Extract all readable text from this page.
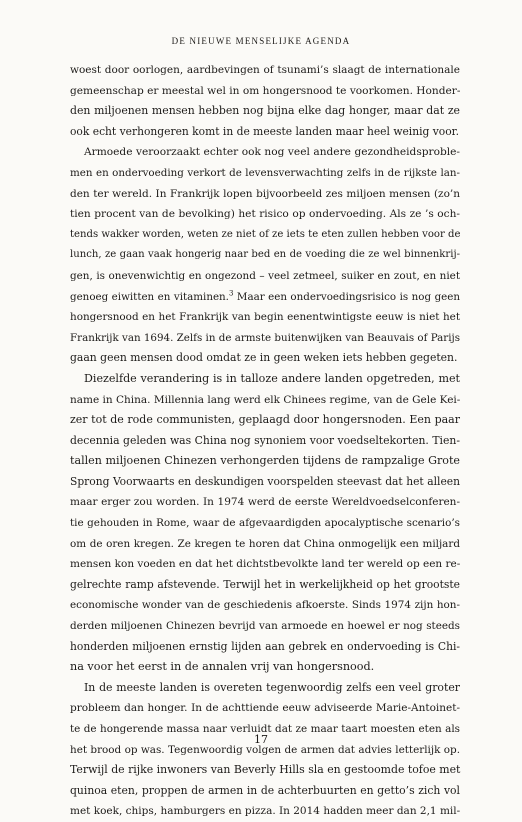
DE NIEUWE MENSELIJKE AGENDA
woest door oorlogen, aardbevingen of tsunami’s slaagt de internationale
gemeenschap er meestal wel in om hongersnood te voorkomen. Honder-
den miljoenen mensen hebben nog bijna elke dag honger, maar dat ze
ook echt verhongeren komt in de meeste landen maar heel weinig voor.
Armoede veroorzaakt echter ook nog veel andere gezondheidsproble-
men en ondervoeding verkort de levensverwachting zelfs in de rijkste lan-
den ter wereld. In Frankrijk lopen bijvoorbeeld zes miljoen mensen (zo’n
tien procent van de bevolking) het risico op ondervoeding. Als ze ’s och-
tends wakker worden, weten ze niet of ze iets te eten zullen hebben voor de
lunch, ze gaan vaak hongerig naar bed en de voeding die ze wel binnenkrij-
gen, is onevenwichtig en ongezond – veel zetmeel, suiker en zout, en niet
genoeg eiwitten en vitaminen.$^3$ Maar een ondervoedingsrisico is nog geen
hongersnood en het Frankrijk van begin eenentwintigste eeuw is niet het
Frankrijk van 1694. Zelfs in de armste buitenwijken van Beauvais of Parijs
gaan geen mensen dood omdat ze in geen weken iets hebben gegeten.
Diezelfde verandering is in talloze andere landen opgetreden, met
name in China. Millennia lang werd elk Chinees regime, van de Gele Kei-
zer tot de rode communisten, geplaagd door hongersnoden. Een paar
decennia geleden was China nog synoniem voor voedseltekorten. Tien-
tallen miljoenen Chinezen verhongerden tijdens de rampzalige Grote
Sprong Voorwaarts en deskundigen voorspelden steevast dat het alleen
maar erger zou worden. In 1974 werd de eerste Wereldvoedselconferen-
tie gehouden in Rome, waar de afgevaardigden apocalyptische scenario’s
om de oren kregen. Ze kregen te horen dat China onmogelijk een miljard
mensen kon voeden en dat het dichtstbevolkte land ter wereld op een re-
gelrechte ramp afstevende. Terwijl het in werkelijkheid op het grootste
economische wonder van de geschiedenis afkoerste. Sinds 1974 zijn hon-
derden miljoenen Chinezen bevrijd van armoede en hoewel er nog steeds
honderden miljoenen ernstig lijden aan gebrek en ondervoeding is Chi-
na voor het eerst in de annalen vrij van hongersnood.
In de meeste landen is overeten tegenwoordig zelfs een veel groter
probleem dan honger. In de achttiende eeuw adviseerde Marie-Antoinet-
te de hongerende massa naar verluidt dat ze maar taart moesten eten als
het brood op was. Tegenwoordig volgen de armen dat advies letterlijk op.
Terwijl de rijke inwoners van Beverly Hills sla en gestoomde tofoe met
quinoa eten, proppen de armen in de achterbuurten en getto’s zich vol
met koek, chips, hamburgers en pizza. In 2014 hadden meer dan 2,1 mil-
17
